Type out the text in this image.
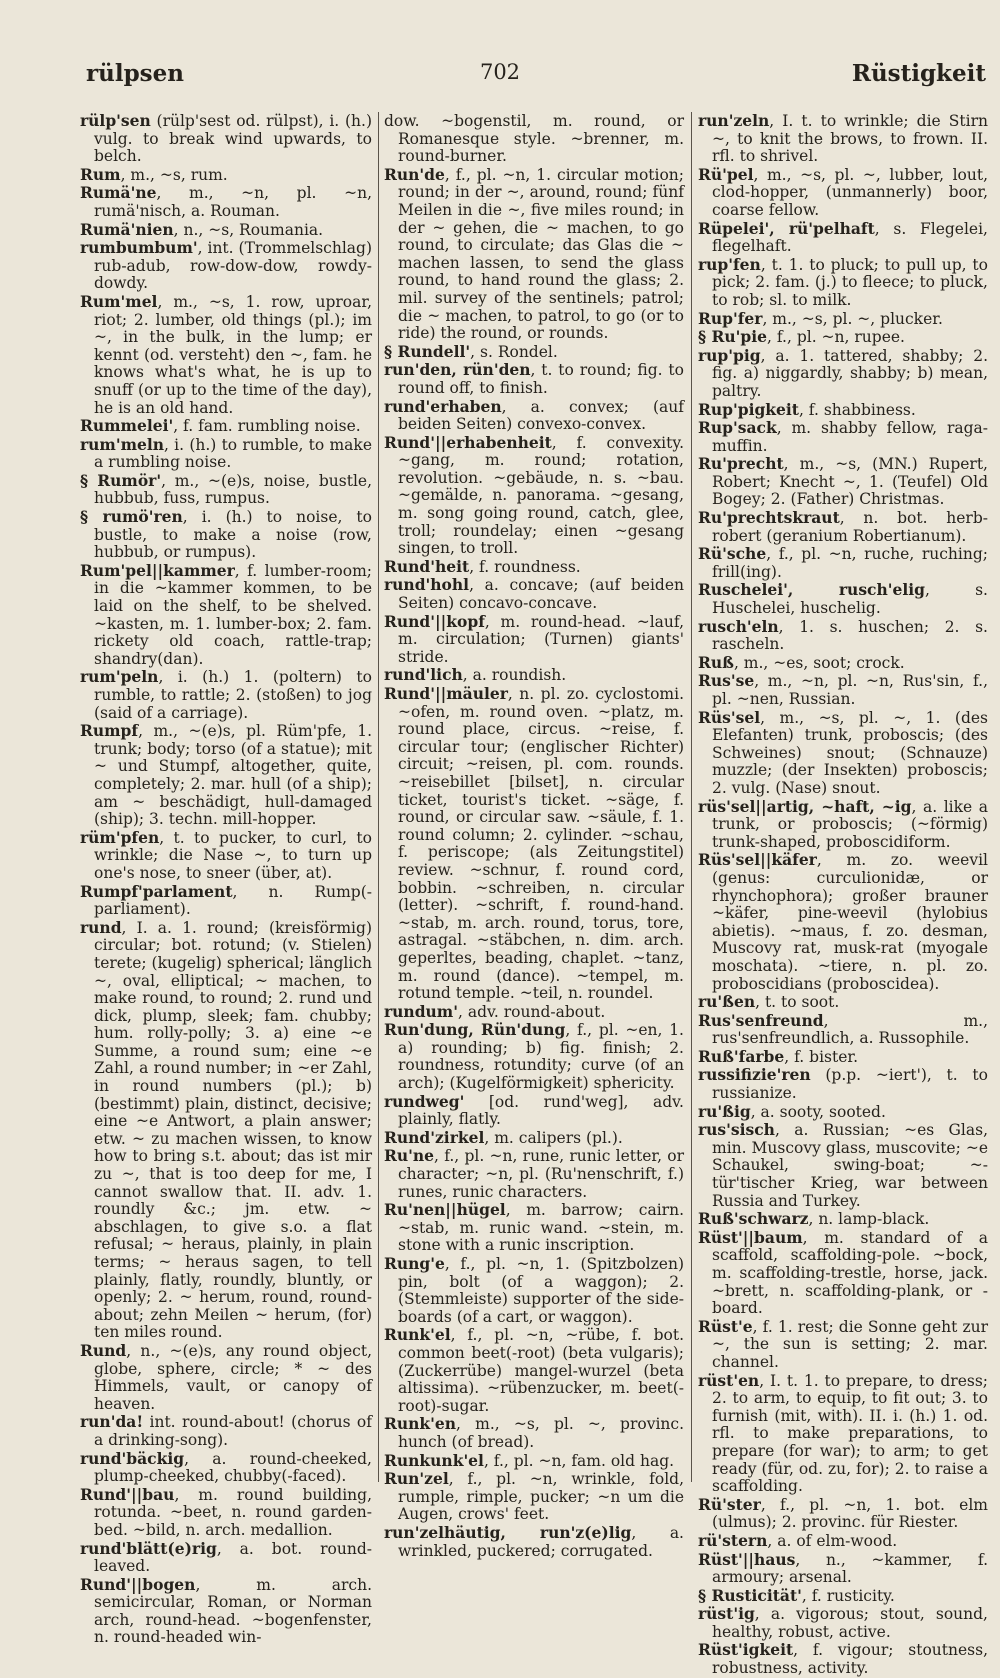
rülpsen	702	Rüstigkeit

rülp'sen (rülp'sest od. rülpst), i. (h.) vulg. to break wind upwards, to belch.

Rum, m., ~s, rum.

Rumä'ne, m., ~n, pl. ~n, rumä'nisch, a. Rouman.

Rumä'nien, n., ~s, Roumania.

rumbumbum', int. (Trommelschlag) rub-adub, row-dow-dow, rowdy-dowdy.

Rum'mel, m., ~s, 1. row, uproar, riot; 2. lumber, old things (pl.); im ~, in the bulk, in the lump; er kennt (od. versteht) den ~, fam. he knows what's what, he is up to snuff (or up to the time of the day), he is an old hand.

Rummelei', f. fam. rumbling noise.

rum'meln, i. (h.) to rumble, to make a rumbling noise.

§ Rumör', m., ~(e)s, noise, bustle, hubbub, fuss, rumpus.

§ rumö'ren, i. (h.) to noise, to bustle, to make a noise (row, hubbub, or rumpus).

Rum'pel||kammer, f. lumber-room; in die ~kammer kommen, to be laid on the shelf, to be shelved. ~kasten, m. 1. lumber-box; 2. fam. rickety old coach, rattle-trap; shandry(dan).

rum'peln, i. (h.) 1. (poltern) to rumble, to rattle; 2. (stoßen) to jog (said of a carriage).

Rumpf, m., ~(e)s, pl. Rüm'pfe, 1. trunk; body; torso (of a statue); mit ~ und Stumpf, altogether, quite, completely; 2. mar. hull (of a ship); am ~ beschädigt, hull-damaged (ship); 3. techn. mill-hopper.

rüm'pfen, t. to pucker, to curl, to wrinkle; die Nase ~, to turn up one's nose, to sneer (über, at).

Rumpf'parlament, n. Rump(-parliament).

rund, I. a. 1. round; (kreisförmig) circular; bot. rotund; (v. Stielen) terete; (kugelig) spherical; länglich ~, oval, elliptical; ~ machen, to make round, to round; 2. rund und dick, plump, sleek; fam. chubby; hum. rolly-polly; 3. a) eine ~e Summe, a round sum; eine ~e Zahl, a round number; in ~er Zahl, in round numbers (pl.); b) (bestimmt) plain, distinct, decisive; eine ~e Antwort, a plain answer; etw. ~ zu machen wissen, to know how to bring s.t. about; das ist mir zu ~, that is too deep for me, I cannot swallow that. II. adv. 1. roundly &c.; jm. etw. ~ abschlagen, to give s.o. a flat refusal; ~ heraus, plainly, in plain terms; ~ heraus sagen, to tell plainly, flatly, roundly, bluntly, or openly; 2. ~ herum, round, round-about; zehn Meilen ~ herum, (for) ten miles round.

Rund, n., ~(e)s, any round object, globe, sphere, circle; * ~ des Himmels, vault, or canopy of heaven.

run'da! int. round-about! (chorus of a drinking-song).

rund'bäckig, a. round-cheeked, plump-cheeked, chubby(-faced).

Rund'||bau, m. round building, rotunda. ~beet, n. round garden-bed. ~bild, n. arch. medallion.

rund'blätt(e)rig, a. bot. round-leaved.

Rund'||bogen, m. arch. semicircular, Roman, or Norman arch, round-head. ~bogenfenster, n. round-headed win-

dow. ~bogenstil, m. round, or Romanesque style. ~brenner, m. round-burner.

Run'de, f., pl. ~n, 1. circular motion; round; in der ~, around, round; fünf Meilen in die ~, five miles round; in der ~ gehen, die ~ machen, to go round, to circulate; das Glas die ~ machen lassen, to send the glass round, to hand round the glass; 2. mil. survey of the sentinels; patrol; die ~ machen, to patrol, to go (or to ride) the round, or rounds.

§ Rundell', s. Rondel.

run'den, rün'den, t. to round; fig. to round off, to finish.

rund'erhaben, a. convex; (auf beiden Seiten) convexo-convex.

Rund'||erhabenheit, f. convexity. ~gang, m. round; rotation, revolution. ~gebäude, n. s. ~bau. ~gemälde, n. panorama. ~gesang, m. song going round, catch, glee, troll; roundelay; einen ~gesang singen, to troll.

Rund'heit, f. roundness.

rund'hohl, a. concave; (auf beiden Seiten) concavo-concave.

Rund'||kopf, m. round-head. ~lauf, m. circulation; (Turnen) giants' stride.

rund'lich, a. roundish.

Rund'||mäuler, n. pl. zo. cyclostomi. ~ofen, m. round oven. ~platz, m. round place, circus. ~reise, f. circular tour; (englischer Richter) circuit; ~reisen, pl. com. rounds. ~reisebillet [bilset], n. circular ticket, tourist's ticket. ~säge, f. round, or circular saw. ~säule, f. 1. round column; 2. cylinder. ~schau, f. periscope; (als Zeitungstitel) review. ~schnur, f. round cord, bobbin. ~schreiben, n. circular (letter). ~schrift, f. round-hand. ~stab, m. arch. round, torus, tore, astragal. ~stäbchen, n. dim. arch. geperltes, beading, chaplet. ~tanz, m. round (dance). ~tempel, m. rotund temple. ~teil, n. roundel.

rundum', adv. round-about.

Run'dung, Rün'dung, f., pl. ~en, 1. a) rounding; b) fig. finish; 2. roundness, rotundity; curve (of an arch); (Kugelförmigkeit) sphericity.

rundweg' [od. rund'weg], adv. plainly, flatly.

Rund'zirkel, m. calipers (pl.).

Ru'ne, f., pl. ~n, rune, runic letter, or character; ~n, pl. (Ru'nenschrift, f.) runes, runic characters.

Ru'nen||hügel, m. barrow; cairn. ~stab, m. runic wand. ~stein, m. stone with a runic inscription.

Rung'e, f., pl. ~n, 1. (Spitzbolzen) pin, bolt (of a waggon); 2. (Stemmleiste) supporter of the side-boards (of a cart, or waggon).

Runk'el, f., pl. ~n, ~rübe, f. bot. common beet(-root) (beta vulgaris); (Zuckerrübe) mangel-wurzel (beta altissima). ~rübenzucker, m. beet(-root)-sugar.

Runk'en, m., ~s, pl. ~, provinc. hunch (of bread).

Runkunk'el, f., pl. ~n, fam. old hag.

Run'zel, f., pl. ~n, wrinkle, fold, rumple, rimple, pucker; ~n um die Augen, crows' feet.

run'zelhäutig, run'z(e)lig, a. wrinkled, puckered; corrugated.

run'zeln, I. t. to wrinkle; die Stirn ~, to knit the brows, to frown. II. rfl. to shrivel.

Rü'pel, m., ~s, pl. ~, lubber, lout, clod-hopper, (unmannerly) boor, coarse fellow.

Rüpelei', rü'pelhaft, s. Flegelei, flegelhaft.

rup'fen, t. 1. to pluck; to pull up, to pick; 2. fam. (j.) to fleece; to pluck, to rob; sl. to milk.

Rup'fer, m., ~s, pl. ~, plucker.

§ Ru'pie, f., pl. ~n, rupee.

rup'pig, a. 1. tattered, shabby; 2. fig. a) niggardly, shabby; b) mean, paltry.

Rup'pigkeit, f. shabbiness.

Rup'sack, m. shabby fellow, raga-muffin.

Ru'precht, m., ~s, (MN.) Rupert, Robert; Knecht ~, 1. (Teufel) Old Bogey; 2. (Father) Christmas.

Ru'prechtskraut, n. bot. herb-robert (geranium Robertianum).

Rü'sche, f., pl. ~n, ruche, ruching; frill(ing).

Ruschelei', rusch'elig, s. Huschelei, huschelig.

rusch'eln, 1. s. huschen; 2. s. rascheln.

Ruß, m., ~es, soot; crock.

Rus'se, m., ~n, pl. ~n, Rus'sin, f., pl. ~nen, Russian.

Rüs'sel, m., ~s, pl. ~, 1. (des Elefanten) trunk, proboscis; (des Schweines) snout; (Schnauze) muzzle; (der Insekten) proboscis; 2. vulg. (Nase) snout.

rüs'sel||artig, ~haft, ~ig, a. like a trunk, or proboscis; (~förmig) trunk-shaped, proboscidiform.

Rüs'sel||käfer, m. zo. weevil (genus: curculionidæ, or rhynchophora); großer brauner ~käfer, pine-weevil (hylobius abietis). ~maus, f. zo. desman, Muscovy rat, musk-rat (myogale moschata). ~tiere, n. pl. zo. proboscidians (proboscidea).

ru'ßen, t. to soot.

Rus'senfreund, m., rus'senfreundlich, a. Russophile.

Ruß'farbe, f. bister.

russifizie'ren (p.p. ~iert'), t. to russianize.

ru'ßig, a. sooty, sooted.

rus'sisch, a. Russian; ~es Glas, min. Muscovy glass, muscovite; ~e Schaukel, swing-boat; ~-tür'tischer Krieg, war between Russia and Turkey.

Ruß'schwarz, n. lamp-black.

Rüst'||baum, m. standard of a scaffold, scaffolding-pole. ~bock, m. scaffolding-trestle, horse, jack. ~brett, n. scaffolding-plank, or -board.

Rüst'e, f. 1. rest; die Sonne geht zur ~, the sun is setting; 2. mar. channel.

rüst'en, I. t. 1. to prepare, to dress; 2. to arm, to equip, to fit out; 3. to furnish (mit, with). II. i. (h.) 1. od. rfl. to make preparations, to prepare (for war); to arm; to get ready (für, od. zu, for); 2. to raise a scaffolding.

Rü'ster, f., pl. ~n, 1. bot. elm (ulmus); 2. provinc. für Riester.

rü'stern, a. of elm-wood.

Rüst'||haus, n., ~kammer, f. armoury; arsenal.

§ Rusticität', f. rusticity.

rüst'ig, a. vigorous; stout, sound, healthy, robust, active.

Rüst'igkeit, f. vigour; stoutness, robustness, activity.
